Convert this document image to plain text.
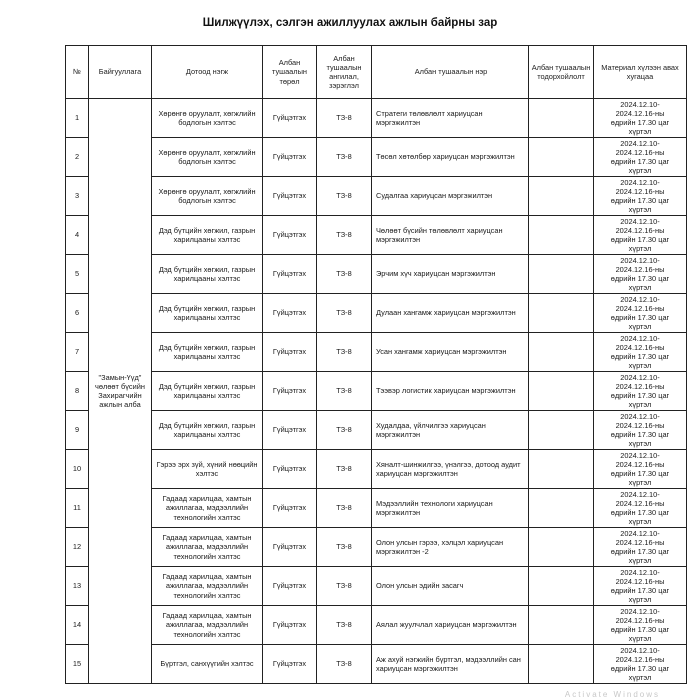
Шилжүүлэх, сэлгэн ажиллуулах ажлын байрны зар
№	Байгууллага	Дотоод нэгж	Албан тушаалын төрөл	Албан тушаалын ангилал, зэрэглэл	Албан тушаалын нэр	Албан тушаалын тодорхойлолт	Материал хүлээн авах хугацаа
1	"Замын-Үүд" чөлөөт бүсийн Захирагчийн ажлын алба	Хөрөнгө оруулалт, хөгжлийн бодлогын хэлтэс	Гүйцэтгэх	ТЗ-8	Стратеги төлөвлөлт хариуцсан мэргэжилтэн		2024.12.10-
2024.12.16-ны
өдрийн 17.30 цаг
хүртэл
2		Хөрөнгө оруулалт, хөгжлийн бодлогын хэлтэс	Гүйцэтгэх	ТЗ-8	Төсөл хөтөлбөр хариуцсан мэргэжилтэн		2024.12.10-
2024.12.16-ны
өдрийн 17.30 цаг
хүртэл
3		Хөрөнгө оруулалт, хөгжлийн бодлогын хэлтэс	Гүйцэтгэх	ТЗ-8	Судалгаа хариуцсан мэргэжилтэн		2024.12.10-
2024.12.16-ны
өдрийн 17.30 цаг
хүртэл
4		Дэд бүтцийн хөгжил, газрын харилцааны хэлтэс	Гүйцэтгэх	ТЗ-8	Чөлөөт бүсийн төлөвлөлт хариуцсан мэргэжилтэн		2024.12.10-
2024.12.16-ны
өдрийн 17.30 цаг
хүртэл
5		Дэд бүтцийн хөгжил, газрын харилцааны хэлтэс	Гүйцэтгэх	ТЗ-8	Эрчим хүч хариуцсан мэргэжилтэн		2024.12.10-
2024.12.16-ны
өдрийн 17.30 цаг
хүртэл
6		Дэд бүтцийн хөгжил, газрын харилцааны хэлтэс	Гүйцэтгэх	ТЗ-8	Дулаан хангамж хариуцсан мэргэжилтэн		2024.12.10-
2024.12.16-ны
өдрийн 17.30 цаг
хүртэл
7		Дэд бүтцийн хөгжил, газрын харилцааны хэлтэс	Гүйцэтгэх	ТЗ-8	Усан хангамж хариуцсан мэргэжилтэн		2024.12.10-
2024.12.16-ны
өдрийн 17.30 цаг
хүртэл
8		Дэд бүтцийн хөгжил, газрын харилцааны хэлтэс	Гүйцэтгэх	ТЗ-8	Тээвэр логистик хариуцсан мэргэжилтэн		2024.12.10-
2024.12.16-ны
өдрийн 17.30 цаг
хүртэл
9		Дэд бүтцийн хөгжил, газрын харилцааны хэлтэс	Гүйцэтгэх	ТЗ-8	Худалдаа, үйлчилгээ хариуцсан мэргэжилтэн		2024.12.10-
2024.12.16-ны
өдрийн 17.30 цаг
хүртэл
10		Гэрээ эрх зүй, хүний нөөцийн хэлтэс	Гүйцэтгэх	ТЗ-8	Хяналт-шинжилгээ, үнэлгээ, дотоод аудит хариуцсан мэргэжилтэн		2024.12.10-
2024.12.16-ны
өдрийн 17.30 цаг
хүртэл
11		Гадаад харилцаа, хамтын ажиллагаа, мэдээллийн технологийн хэлтэс	Гүйцэтгэх	ТЗ-8	Мэдээллийн технологи хариуцсан мэргэжилтэн		2024.12.10-
2024.12.16-ны
өдрийн 17.30 цаг
хүртэл
12		Гадаад харилцаа, хамтын ажиллагаа, мэдээллийн технологийн хэлтэс	Гүйцэтгэх	ТЗ-8	Олон улсын гэрээ, хэлцэл хариуцсан мэргэжилтэн -2		2024.12.10-
2024.12.16-ны
өдрийн 17.30 цаг
хүртэл
13		Гадаад харилцаа, хамтын ажиллагаа, мэдээллийн технологийн хэлтэс	Гүйцэтгэх	ТЗ-8	Олон улсын эдийн засагч		2024.12.10-
2024.12.16-ны
өдрийн 17.30 цаг
хүртэл
14		Гадаад харилцаа, хамтын ажиллагаа, мэдээллийн технологийн хэлтэс	Гүйцэтгэх	ТЗ-8	Аялал жуулчлал хариуцсан мэргэжилтэн		2024.12.10-
2024.12.16-ны
өдрийн 17.30 цаг
хүртэл
15		Бүртгэл, санхүүгийн хэлтэс	Гүйцэтгэх	ТЗ-8	Аж ахуй нэгжийн бүртгэл, мэдээллийн сан хариуцсан мэргэжилтэн		2024.12.10-
2024.12.16-ны
өдрийн 17.30 цаг
хүртэл
Activate Windows
